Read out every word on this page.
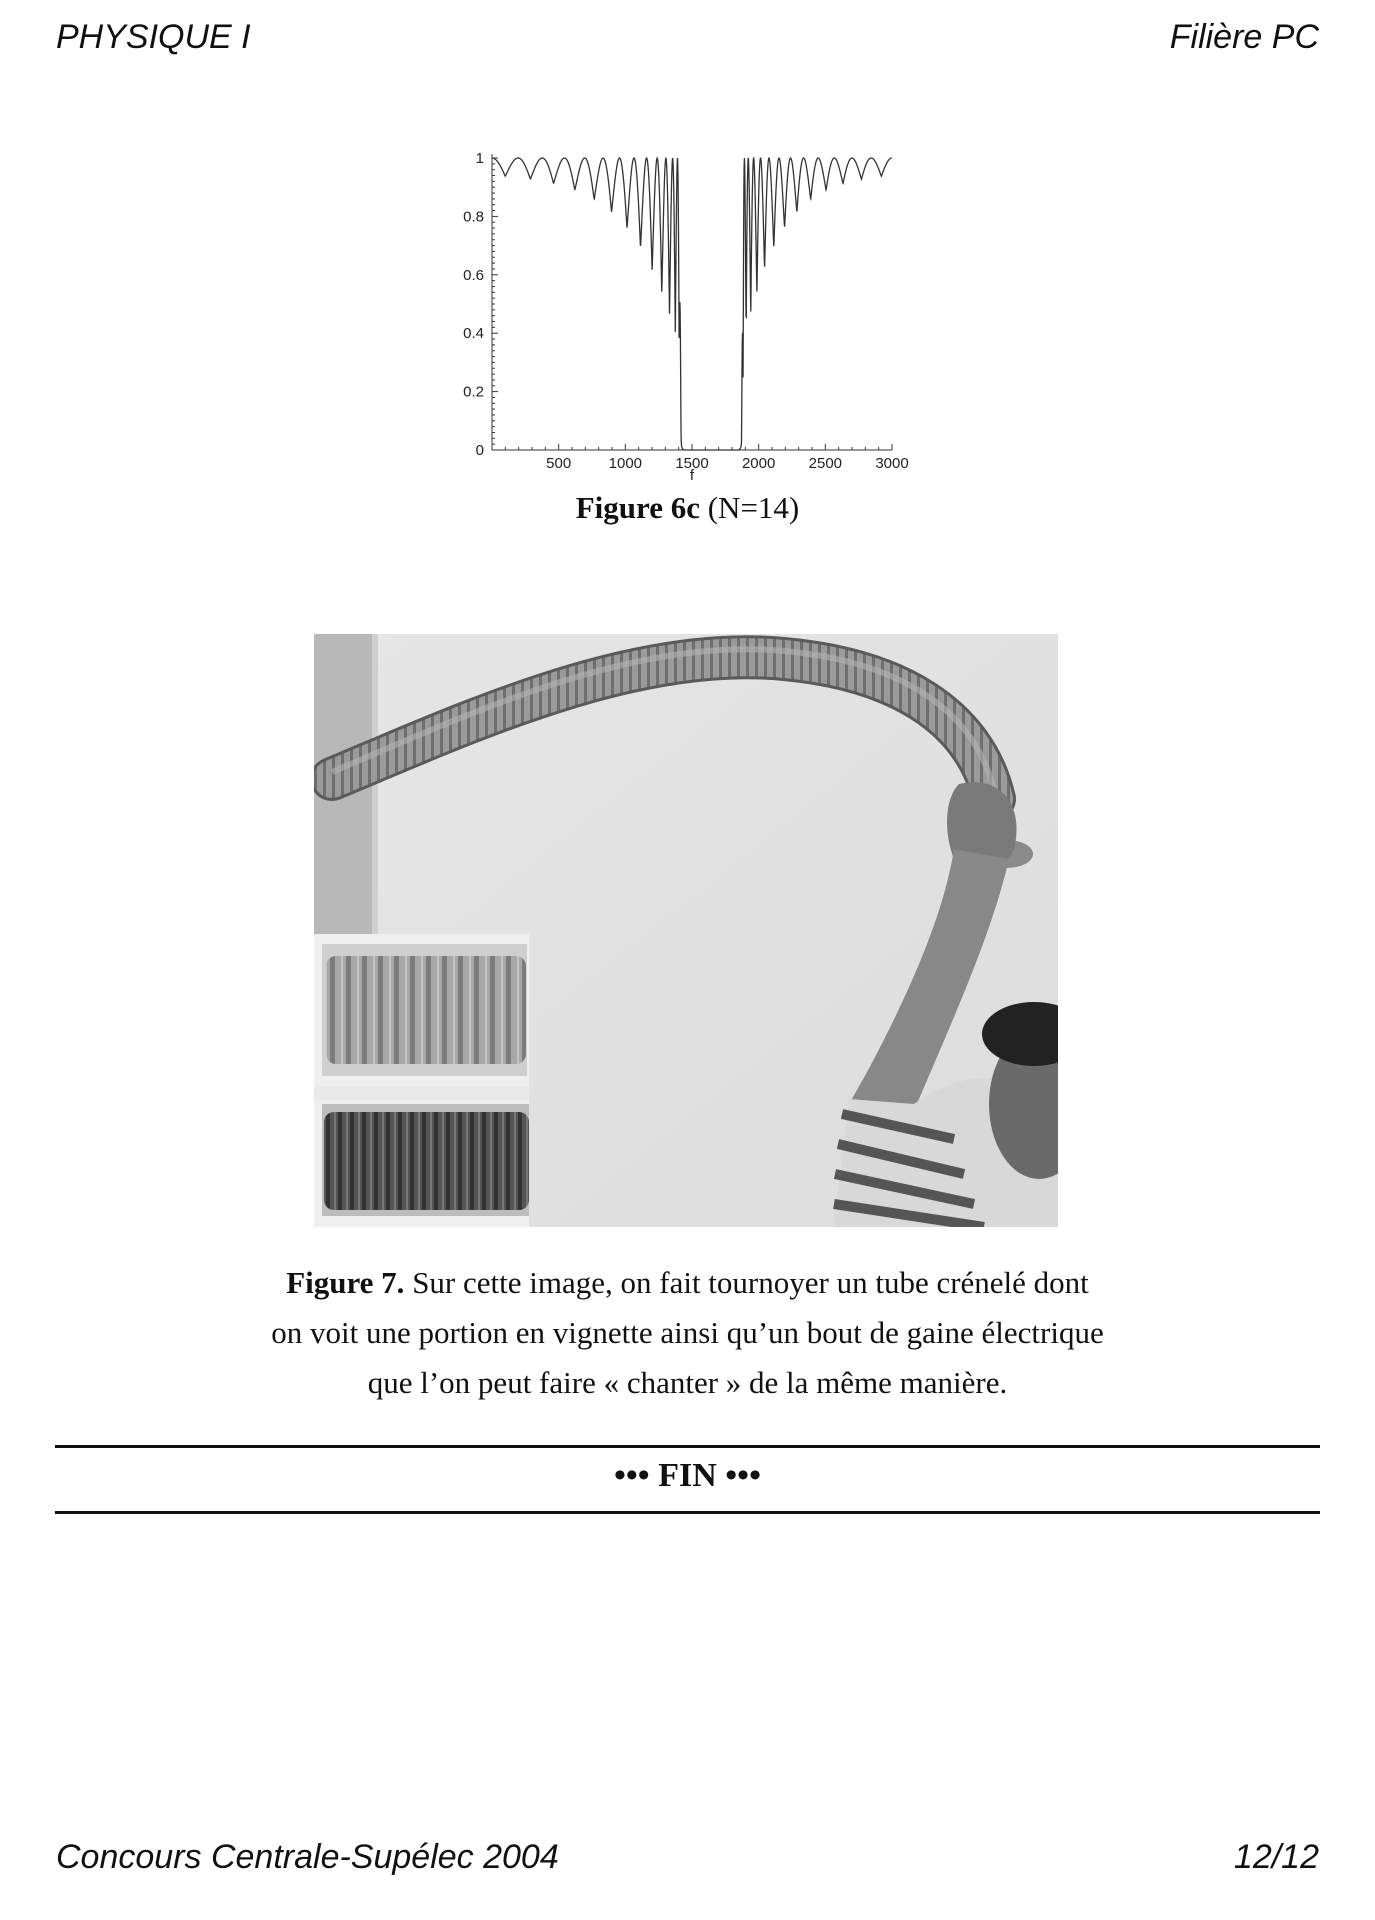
PHYSIQUE I	Filière PC
0
0.2
0.4
0.6
0.8
1
500 1000 1500 2000 2500 3000
f
Figure 6c (N=14)
Figure 7. Sur cette image, on fait tournoyer un tube crénelé dont
on voit une portion en vignette ainsi qu’un bout de gaine électrique
que l’on peut faire « chanter » de la même manière.
••• FIN •••
Concours Centrale-Supélec 2004	12/12
